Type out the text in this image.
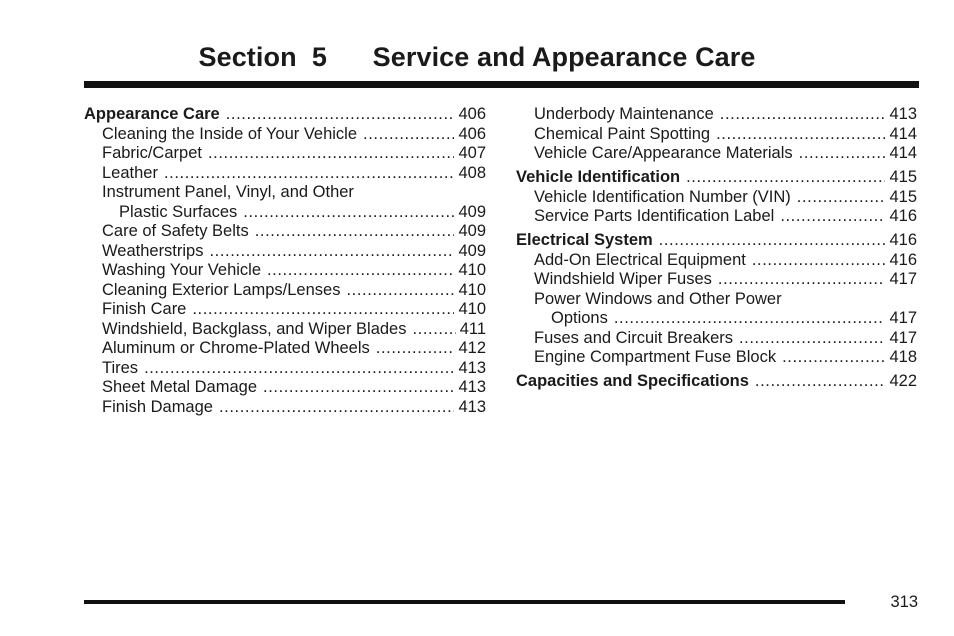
Section  5      Service and Appearance Care
Appearance Care .....	406
Cleaning the Inside of Your Vehicle .....	406
Fabric/Carpet .....	407
Leather .....	408
Instrument Panel, Vinyl, and Other
Plastic Surfaces .....	409
Care of Safety Belts .....	409
Weatherstrips .....	409
Washing Your Vehicle .....	410
Cleaning Exterior Lamps/Lenses .....	410
Finish Care .....	410
Windshield, Backglass, and Wiper Blades .....	411
Aluminum or Chrome-Plated Wheels .....	412
Tires .....	413
Sheet Metal Damage .....	413
Finish Damage .....	413
Underbody Maintenance .....	413
Chemical Paint Spotting .....	414
Vehicle Care/Appearance Materials .....	414
Vehicle Identification .....	415
Vehicle Identification Number (VIN) .....	415
Service Parts Identification Label .....	416
Electrical System .....	416
Add-On Electrical Equipment .....	416
Windshield Wiper Fuses .....	417
Power Windows and Other Power
Options .....	417
Fuses and Circuit Breakers .....	417
Engine Compartment Fuse Block .....	418
Capacities and Specifications .....	422
313
